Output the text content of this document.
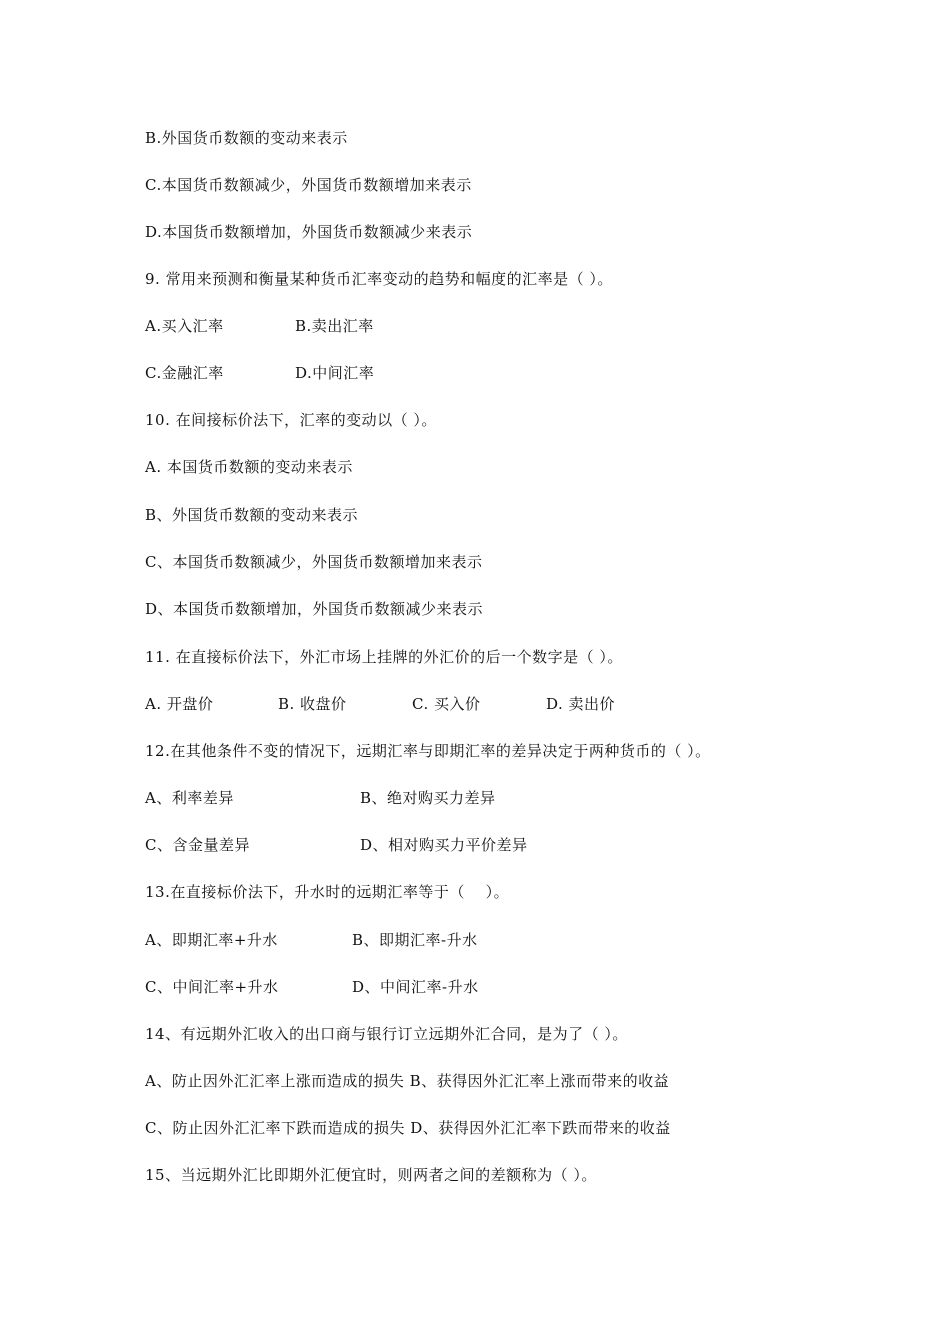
B.外国货币数额的变动来表示
C.本国货币数额减少，外国货币数额增加来表示
D.本国货币数额增加，外国货币数额减少来表示
9. 常用来预测和衡量某种货币汇率变动的趋势和幅度的汇率是（ ）。
A.买入汇率	B.卖出汇率
C.金融汇率	D.中间汇率
10. 在间接标价法下，汇率的变动以（ ）。
A. 本国货币数额的变动来表示
B、外国货币数额的变动来表示
C、本国货币数额减少，外国货币数额增加来表示
D、本国货币数额增加，外国货币数额减少来表示
11. 在直接标价法下，外汇市场上挂牌的外汇价的后一个数字是（ ）。
A. 开盘价	B. 收盘价	C. 买入价	D. 卖出价
12.在其他条件不变的情况下，远期汇率与即期汇率的差异决定于两种货币的（ ）。
A、利率差异	B、绝对购买力差异
C、含金量差异	D、相对购买力平价差异
13.在直接标价法下，升水时的远期汇率等于（　 ）。
A、即期汇率+升水	B、即期汇率-升水
C、中间汇率+升水	D、中间汇率-升水
14、有远期外汇收入的出口商与银行订立远期外汇合同，是为了（ ）。
A、防止因外汇汇率上涨而造成的损失 B、获得因外汇汇率上涨而带来的收益
C、防止因外汇汇率下跌而造成的损失 D、获得因外汇汇率下跌而带来的收益
15、当远期外汇比即期外汇便宜时，则两者之间的差额称为（ ）。
